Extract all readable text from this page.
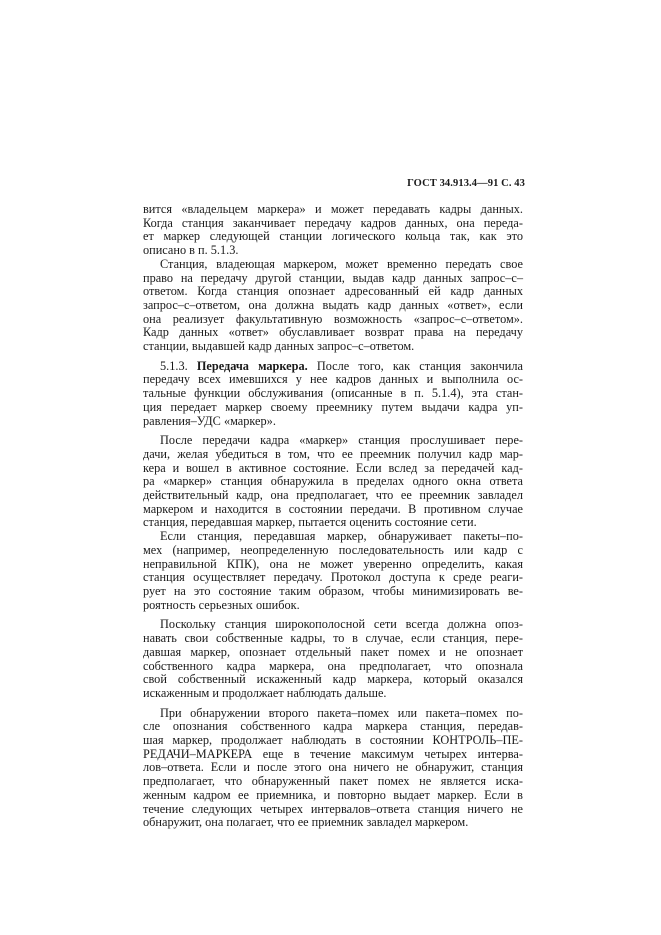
ГОСТ 34.913.4—91 С. 43

вится «владельцем маркера» и может передавать кадры данных.
Когда станция заканчивает передачу кадров данных, она переда-
ет маркер следующей станции логического кольца так, как это
описано в п. 5.1.3.

Станция, владеющая маркером, может временно передать свое
право на передачу другой станции, выдав кадр данных запрос–с–
ответом. Когда станция опознает адресованный ей кадр данных
запрос–с–ответом, она должна выдать кадр данных «ответ», если
она реализует факультативную возможность «запрос–с–ответом».
Кадр данных «ответ» обуславливает возврат права на передачу
станции, выдавшей кадр данных запрос–с–ответом.

5.1.3. Передача маркера. После того, как станция закончила
передачу всех имевшихся у нее кадров данных и выполнила ос-
тальные функции обслуживания (описанные в п. 5.1.4), эта стан-
ция передает маркер своему преемнику путем выдачи кадра уп-
равления–УДС «маркер».

После передачи кадра «маркер» станция прослушивает пере-
дачи, желая убедиться в том, что ее преемник получил кадр мар-
кера и вошел в активное состояние. Если вслед за передачей кад-
ра «маркер» станция обнаружила в пределах одного окна ответа
действительный кадр, она предполагает, что ее преемник завладел
маркером и находится в состоянии передачи. В противном случае
станция, передавшая маркер, пытается оценить состояние сети.

Если станция, передавшая маркер, обнаруживает пакеты–по-
мех (например, неопределенную последовательность или кадр с
неправильной КПК), она не может уверенно определить, какая
станция осуществляет передачу. Протокол доступа к среде реаги-
рует на это состояние таким образом, чтобы минимизировать ве-
роятность серьезных ошибок.

Поскольку станция широкополосной сети всегда должна опоз-
навать свои собственные кадры, то в случае, если станция, пере-
давшая маркер, опознает отдельный пакет помех и не опознает
собственного кадра маркера, она предполагает, что опознала
свой собственный искаженный кадр маркера, который оказался
искаженным и продолжает наблюдать дальше.

При обнаружении второго пакета–помех или пакета–помех по-
сле опознания собственного кадра маркера станция, передав-
шая маркер, продолжает наблюдать в состоянии КОНТРОЛЬ–ПЕ-
РЕДАЧИ–МАРКЕРА еще в течение максимум четырех интерва-
лов–ответа. Если и после этого она ничего не обнаружит, станция
предполагает, что обнаруженный пакет помех не является иска-
женным кадром ее приемника, и повторно выдает маркер. Если в
течение следующих четырех интервалов–ответа станция ничего не
обнаружит, она полагает, что ее приемник завладел маркером.
